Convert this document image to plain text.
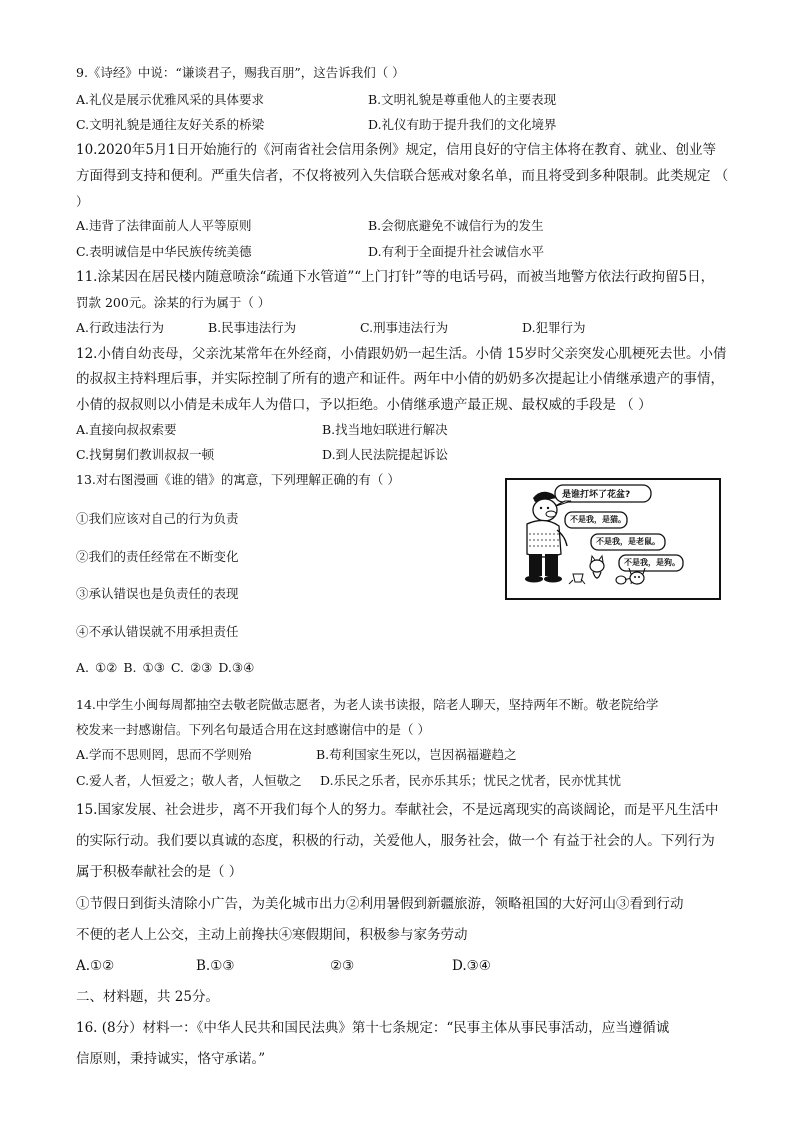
9.《诗经》中说：“谦谈君子，赐我百朋”，这告诉我们（ ）
A.礼仪是展示优雅风采的具体要求	B.文明礼貌是尊重他人的主要表现
C.文明礼貌是通往友好关系的桥梁	D.礼仪有助于提升我们的文化境界
10.2020年5月1日开始施行的《河南省社会信用条例》规定，信用良好的守信主体将在教育、就业、创业等
方面得到支持和便利。严重失信者，不仅将被列入失信联合惩戒对象名单，而且将受到多种限制。此类规定 （
）
A.违背了法律面前人人平等原则	B.会彻底避免不诚信行为的发生
C.表明诚信是中华民族传统美德	D.有利于全面提升社会诚信水平
11.涂某因在居民楼内随意喷涂“疏通下水管道”“上门打针”等的电话号码，而被当地警方依法行政拘留5日，
罚款 200元。涂某的行为属于（ ）
A.行政违法行为	B.民事违法行为	C.刑事违法行为	D.犯罪行为
12.小倩自幼丧母，父亲沈某常年在外经商，小倩跟奶奶一起生活。小倩 15岁时父亲突发心肌梗死去世。小倩
的叔叔主持料理后事，并实际控制了所有的遗产和证件。两年中小倩的奶奶多次提起让小倩继承遗产的事情，
小倩的叔叔则以小倩是未成年人为借口，予以拒绝。小倩继承遗产最正规、最权威的手段是 （ ）
A.直接向叔叔索要	B.找当地妇联进行解决
C.找舅舅们教训叔叔一顿	D.到人民法院提起诉讼
13.对右图漫画《谁的错》的寓意，下列理解正确的有（ ）
①我们应该对自己的行为负责
②我们的责任经常在不断变化
③承认错误也是负责任的表现
④不承认错误就不用承担责任
A. ①② B. ①③ C. ②③ D.③④
是谁打坏了花盆?
不是我，是猫。
不是我，是老鼠。
不是我，是狗。
14.中学生小闽每周都抽空去敬老院做志愿者，为老人读书读报，陪老人聊天，坚持两年不断。敬老院给学
校发来一封感谢信。下列名句最适合用在这封感谢信中的是（ ）
A.学而不思则罔，思而不学则殆	B.苟利国家生死以，岂因祸福避趋之
C.爱人者，人恒爱之；敬人者，人恒敬之 D.乐民之乐者，民亦乐其乐；忧民之忧者，民亦忧其忧
15.国家发展、社会进步，离不开我们每个人的努力。奉献社会，不是远离现实的高谈阔论，而是平凡生活中
的实际行动。我们要以真诚的态度，积极的行动，关爱他人，服务社会，做一个 有益于社会的人。下列行为
属于积极奉献社会的是（ ）
①节假日到街头清除小广告，为美化城市出力②利用暑假到新疆旅游，领略祖国的大好河山③看到行动
不便的老人上公交，主动上前搀扶④寒假期间，积极参与家务劳动
A.①②	B.①③	②③	D.③④
二、材料题，共 25分。
16. (8分）材料一：《中华人民共和国民法典》第十七条规定：“民事主体从事民事活动，应当遵循诚
信原则，秉持诚实，恪守承诺。”
